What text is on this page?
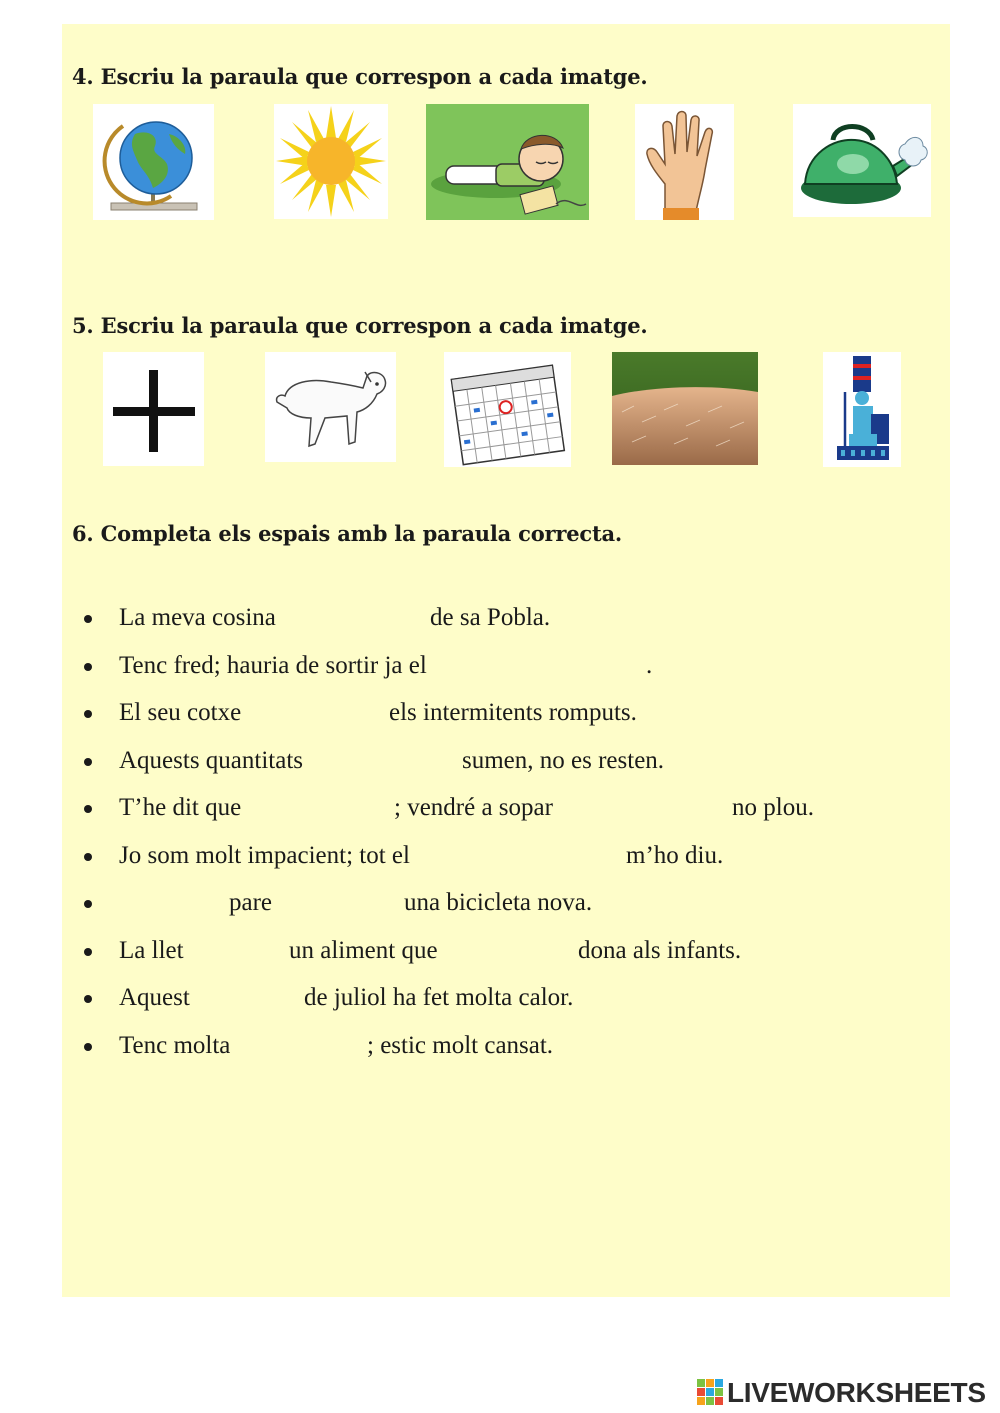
4. Escriu la paraula que correspon a cada imatge.
5. Escriu la paraula que correspon a cada imatge.
6. Completa els espais amb la paraula correcta.
La meva cosina	de sa Pobla.
Tenc fred; hauria de sortir ja el	.
El seu cotxe	els intermitents romputs.
Aquests quantitats	sumen, no es resten.
T’he dit que	; vendré a sopar	no plou.
Jo som molt impacient; tot el	m’ho diu.
pare	una bicicleta nova.
La llet	un aliment que	dona als infants.
Aquest	de juliol ha fet molta calor.
Tenc molta	; estic molt cansat.
LIVEWORKSHEETS
